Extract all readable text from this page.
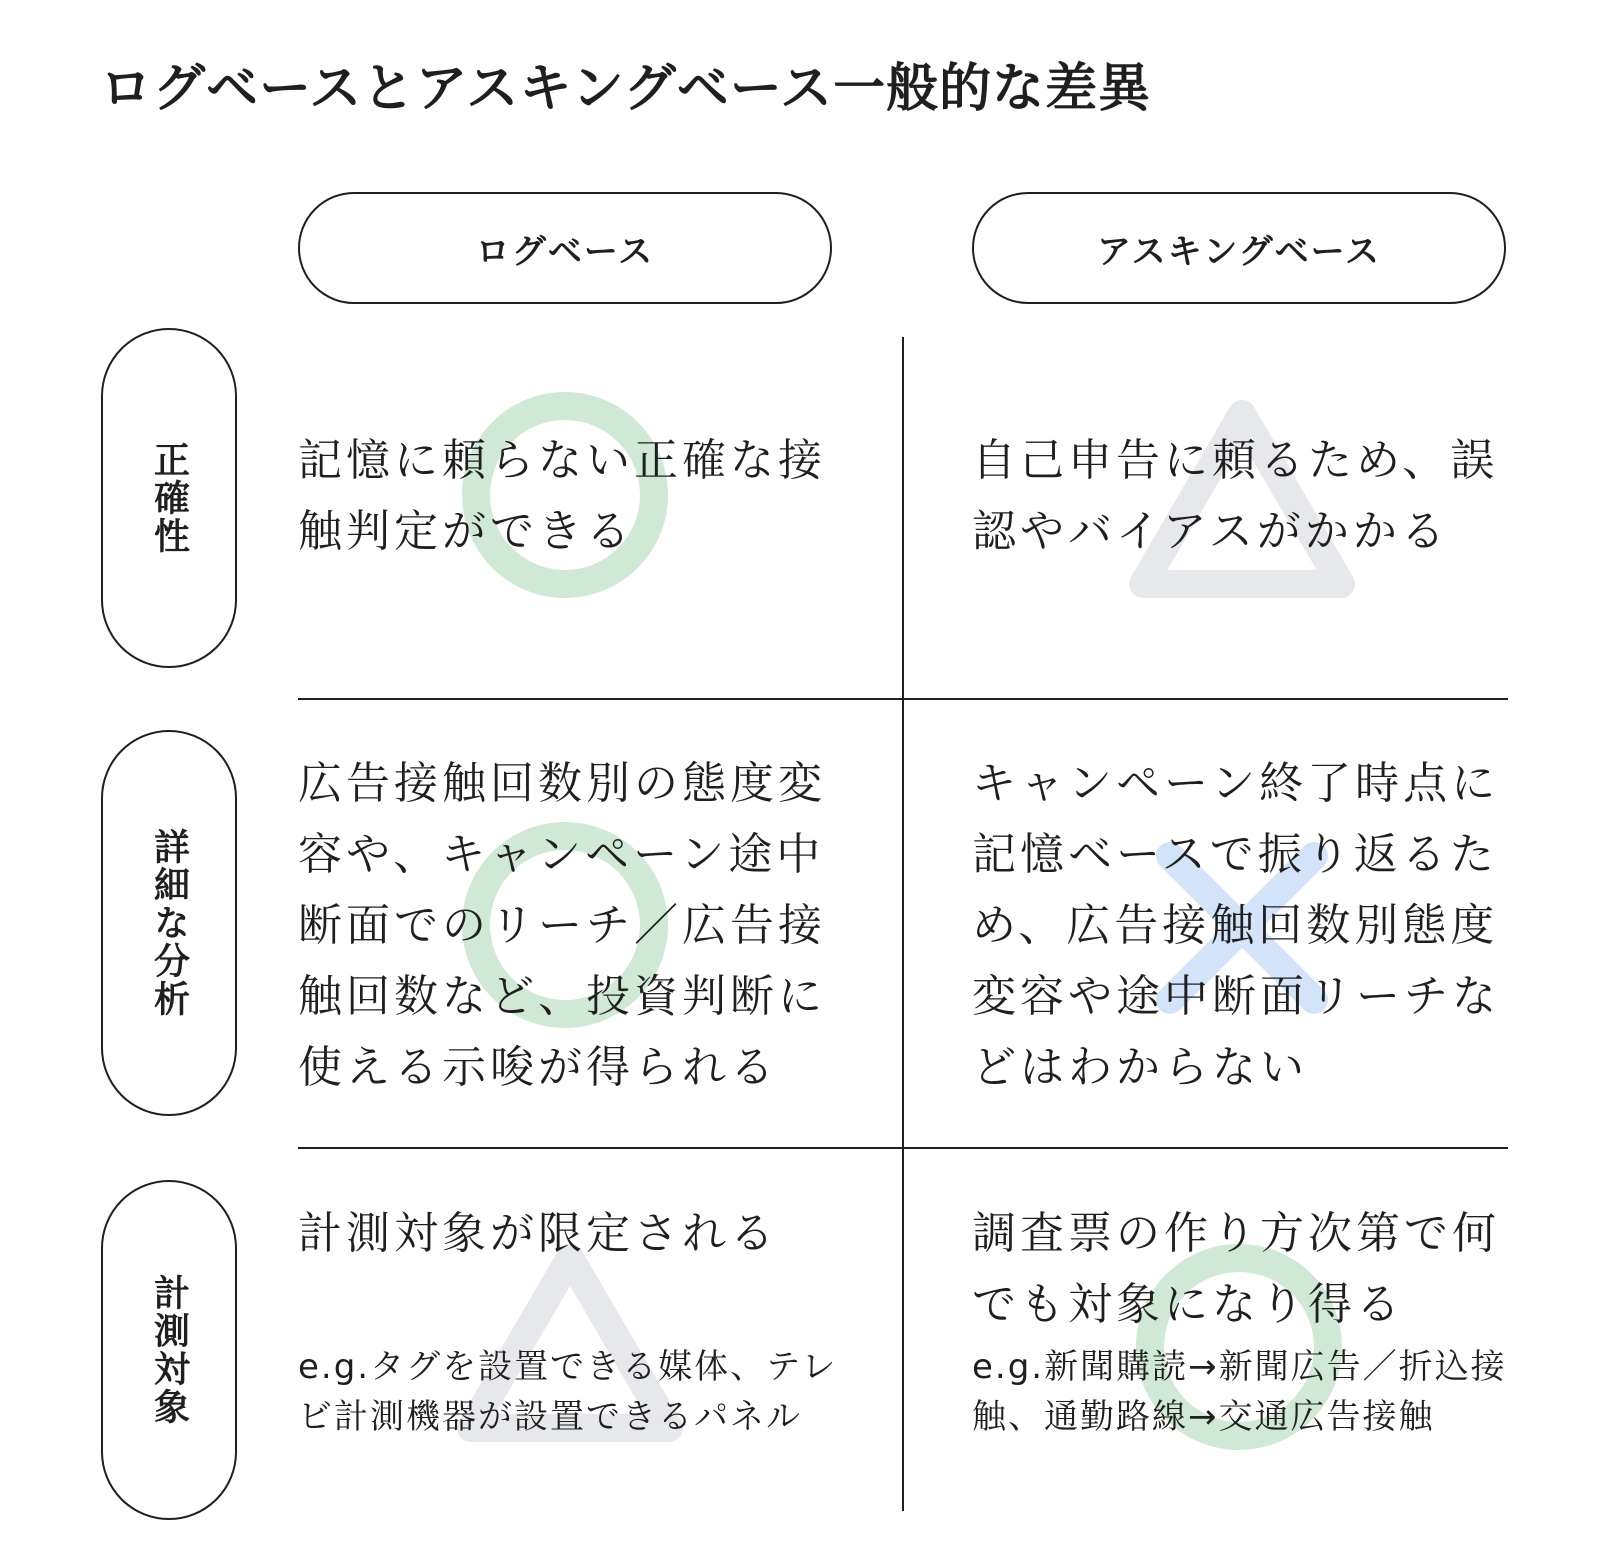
ログベースとアスキングベース一般的な差異
ログベース	アスキングベース
正確性
詳細な分析
計測対象

記憶に頼らない正確な接触判定ができる

自己申告に頼るため、誤認やバイアスがかかる

広告接触回数別の態度変容や、キャンペーン途中断面でのリーチ／広告接触回数など、投資判断に使える示唆が得られる

キャンペーン終了時点に記憶ベースで振り返るため、広告接触回数別態度変容や途中断面リーチなどはわからない

計測対象が限定される

e.g.タグを設置できる媒体、テレビ計測機器が設置できるパネル

調査票の作り方次第で何でも対象になり得る

e.g.新聞購読→新聞広告／折込接触、通勤路線→交通広告接触
